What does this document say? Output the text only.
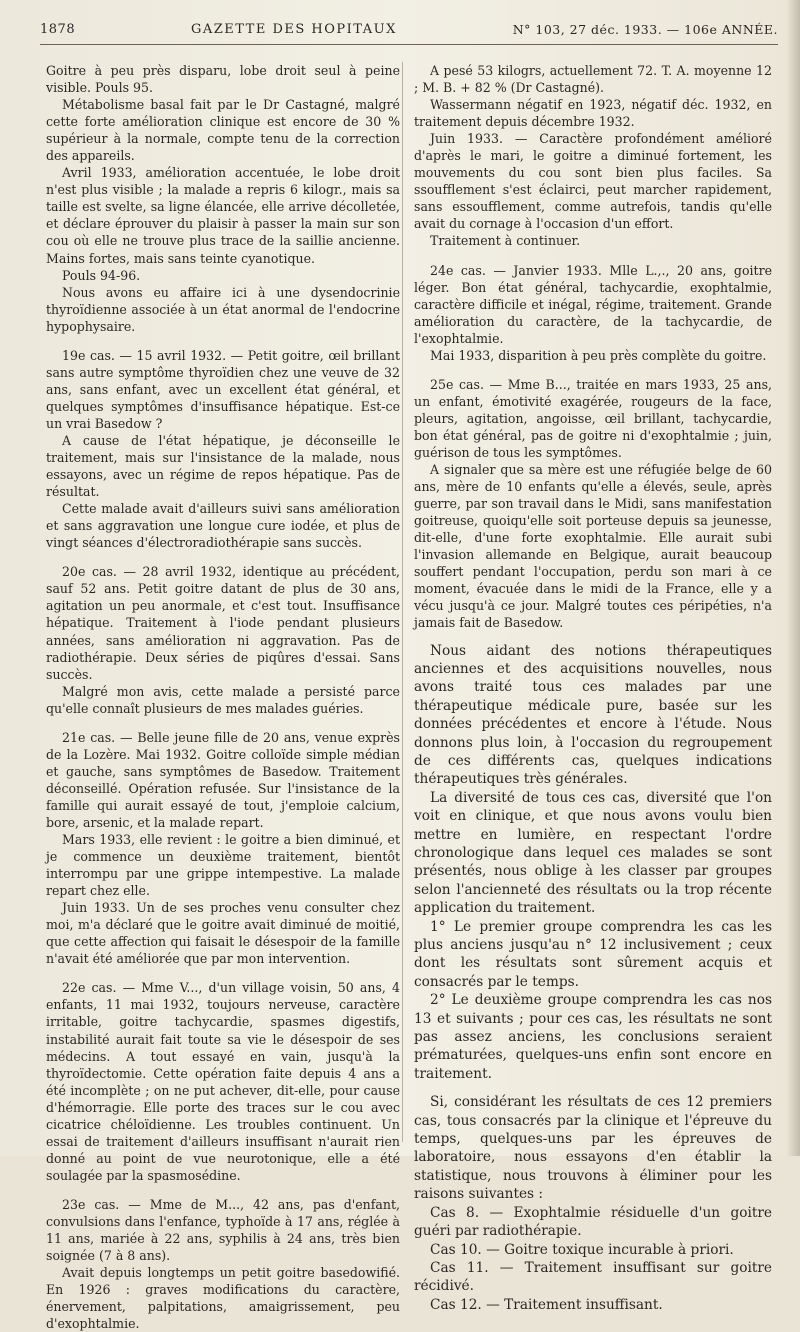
1878	GAZETTE DES HOPITAUX	N° 103, 27 déc. 1933. — 106e ANNÉE.

Goitre à peu près disparu, lobe droit seul à peine visible. Pouls 95.

Métabolisme basal fait par le Dr Castagné, malgré cette forte amélioration clinique est encore de 30 % supérieur à la normale, compte tenu de la correction des appareils.

Avril 1933, amélioration accentuée, le lobe droit n'est plus visible ; la malade a repris 6 kilogr., mais sa taille est svelte, sa ligne élancée, elle arrive décolletée, et déclare éprouver du plaisir à passer la main sur son cou où elle ne trouve plus trace de la saillie ancienne. Mains fortes, mais sans teinte cyanotique.

Pouls 94-96.

Nous avons eu affaire ici à une dysendocrinie thyroïdienne associée à un état anormal de l'endocrine hypophysaire.

19e cas. — 15 avril 1932. — Petit goitre, œil brillant sans autre symptôme thyroïdien chez une veuve de 32 ans, sans enfant, avec un excellent état général, et quelques symptômes d'insuffisance hépatique. Est-ce un vrai Basedow ?

A cause de l'état hépatique, je déconseille le traitement, mais sur l'insistance de la malade, nous essayons, avec un régime de repos hépatique. Pas de résultat.

Cette malade avait d'ailleurs suivi sans amélioration et sans aggravation une longue cure iodée, et plus de vingt séances d'électroradiothérapie sans succès.

20e cas. — 28 avril 1932, identique au précédent, sauf 52 ans. Petit goitre datant de plus de 30 ans, agitation un peu anormale, et c'est tout. Insuffisance hépatique. Traitement à l'iode pendant plusieurs années, sans amélioration ni aggravation. Pas de radiothérapie. Deux séries de piqûres d'essai. Sans succès.

Malgré mon avis, cette malade a persisté parce qu'elle connaît plusieurs de mes malades guéries.

21e cas. — Belle jeune fille de 20 ans, venue exprès de la Lozère. Mai 1932. Goitre colloïde simple médian et gauche, sans symptômes de Basedow. Traitement déconseillé. Opération refusée. Sur l'insistance de la famille qui aurait essayé de tout, j'emploie calcium, bore, arsenic, et la malade repart.

Mars 1933, elle revient : le goitre a bien diminué, et je commence un deuxième traitement, bientôt interrompu par une grippe intempestive. La malade repart chez elle.

Juin 1933. Un de ses proches venu consulter chez moi, m'a déclaré que le goitre avait diminué de moitié, que cette affection qui faisait le désespoir de la famille n'avait été améliorée que par mon intervention.

22e cas. — Mme V..., d'un village voisin, 50 ans, 4 enfants, 11 mai 1932, toujours nerveuse, caractère irritable, goitre tachycardie, spasmes digestifs, instabilité aurait fait toute sa vie le désespoir de ses médecins. A tout essayé en vain, jusqu'à la thyroïdectomie. Cette opération faite depuis 4 ans a été incomplète ; on ne put achever, dit-elle, pour cause d'hémorragie. Elle porte des traces sur le cou avec cicatrice chéloïdienne. Les troubles continuent. Un essai de traitement d'ailleurs insuffisant n'aurait rien donné au point de vue neurotonique, elle a été soulagée par la spasmosédine.

23e cas. — Mme de M..., 42 ans, pas d'enfant, convulsions dans l'enfance, typhoïde à 17 ans, réglée à 11 ans, mariée à 22 ans, syphilis à 24 ans, très bien soignée (7 à 8 ans).

Avait depuis longtemps un petit goitre basedowifié. En 1926 : graves modifications du caractère, énervement, palpitations, amaigrissement, peu d'exophtalmie.

A pesé 53 kilogrs, actuellement 72. T. A. moyenne 12 ; M. B. + 82 % (Dr Castagné).

Wassermann négatif en 1923, négatif déc. 1932, en traitement depuis décembre 1932.

Juin 1933. — Caractère profondément amélioré d'après le mari, le goitre a diminué fortement, les mouvements du cou sont bien plus faciles. Sa ssoufflement s'est éclairci, peut marcher rapidement, sans essoufflement, comme autrefois, tandis qu'elle avait du cornage à l'occasion d'un effort.

Traitement à continuer.

24e cas. — Janvier 1933. Mlle L.,., 20 ans, goitre léger. Bon état général, tachycardie, exophtalmie, caractère difficile et inégal, régime, traitement. Grande amélioration du caractère, de la tachycardie, de l'exophtalmie.

Mai 1933, disparition à peu près complète du goitre.

25e cas. — Mme B..., traitée en mars 1933, 25 ans, un enfant, émotivité exagérée, rougeurs de la face, pleurs, agitation, angoisse, œil brillant, tachycardie, bon état général, pas de goitre ni d'exophtalmie ; juin, guérison de tous les symptômes.

A signaler que sa mère est une réfugiée belge de 60 ans, mère de 10 enfants qu'elle a élevés, seule, après guerre, par son travail dans le Midi, sans manifestation goitreuse, quoiqu'elle soit porteuse depuis sa jeunesse, dit-elle, d'une forte exophtalmie. Elle aurait subi l'invasion allemande en Belgique, aurait beaucoup souffert pendant l'occupation, perdu son mari à ce moment, évacuée dans le midi de la France, elle y a vécu jusqu'à ce jour. Malgré toutes ces péripéties, n'a jamais fait de Basedow.

Nous aidant des notions thérapeutiques anciennes et des acquisitions nouvelles, nous avons traité tous ces malades par une thérapeutique médicale pure, basée sur les données précédentes et encore à l'étude. Nous donnons plus loin, à l'occasion du regroupement de ces différents cas, quelques indications thérapeutiques très générales.

La diversité de tous ces cas, diversité que l'on voit en clinique, et que nous avons voulu bien mettre en lumière, en respectant l'ordre chronologique dans lequel ces malades se sont présentés, nous oblige à les classer par groupes selon l'ancienneté des résultats ou la trop récente application du traitement.

1° Le premier groupe comprendra les cas les plus anciens jusqu'au n° 12 inclusivement ; ceux dont les résultats sont sûrement acquis et consacrés par le temps.

2° Le deuxième groupe comprendra les cas nos 13 et suivants ; pour ces cas, les résultats ne sont pas assez anciens, les conclusions seraient prématurées, quelques-uns enfin sont encore en traitement.

Si, considérant les résultats de ces 12 premiers cas, tous consacrés par la clinique et l'épreuve du temps, quelques-uns par les épreuves de laboratoire, nous essayons d'en établir la statistique, nous trouvons à éliminer pour les raisons suivantes :

Cas 8. — Exophtalmie résiduelle d'un goitre guéri par radiothérapie.

Cas 10. — Goitre toxique incurable à priori.

Cas 11. — Traitement insuffisant sur goitre récidivé.

Cas 12. — Traitement insuffisant.
